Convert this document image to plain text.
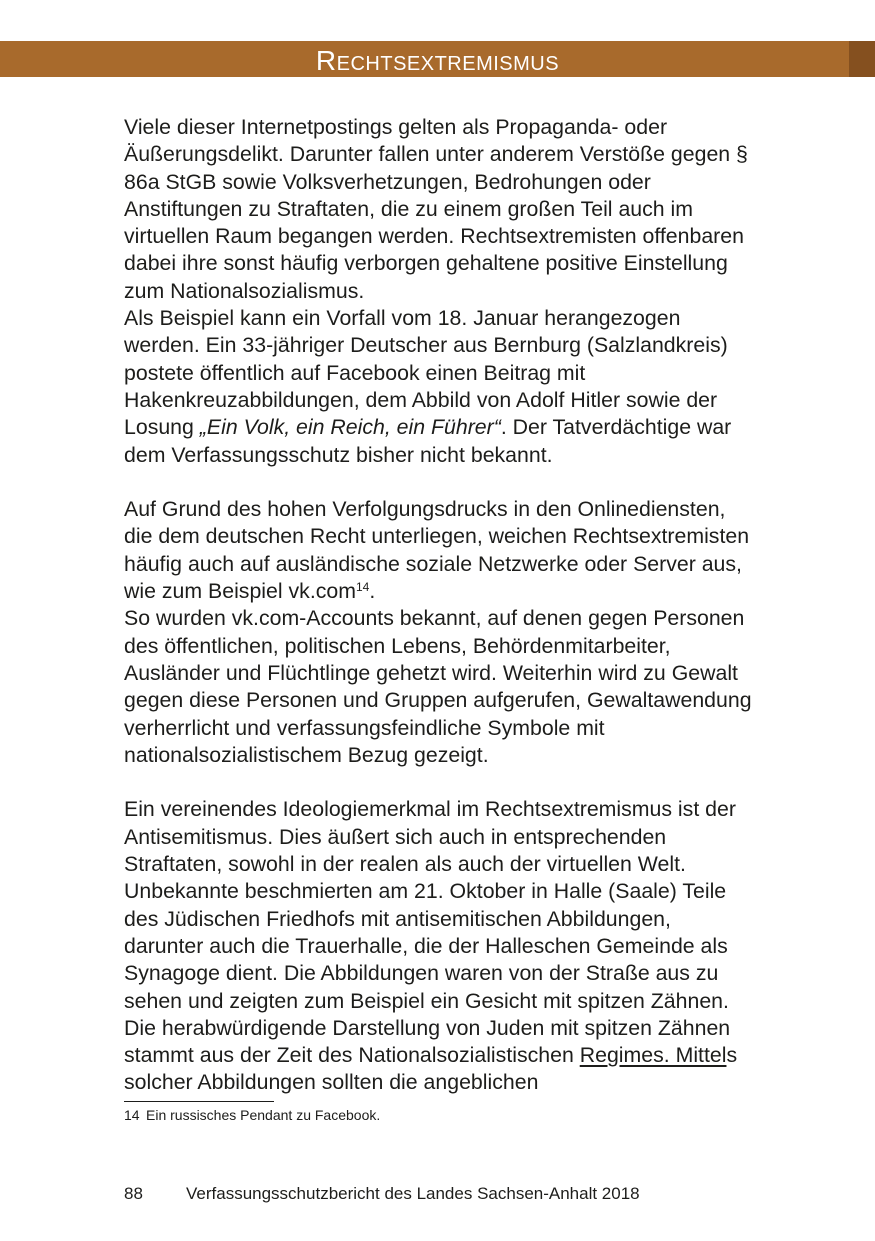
Rechtsextremismus

Viele dieser Internetpostings gelten als Propaganda- oder Äußerungsdelikt. Darunter fallen unter anderem Verstöße gegen § 86a StGB sowie Volksverhetzungen, Bedrohungen oder Anstiftungen zu Straftaten, die zu einem großen Teil auch im virtuellen Raum begangen werden. Rechtsextremisten offenbaren dabei ihre sonst häufig verborgen gehaltene positive Einstellung zum Nationalsozialismus.

Als Beispiel kann ein Vorfall vom 18. Januar herangezogen werden. Ein 33-jähriger Deutscher aus Bernburg (Salzlandkreis) postete öffentlich auf Facebook einen Beitrag mit Hakenkreuzabbildungen, dem Abbild von Adolf Hitler sowie der Losung „Ein Volk, ein Reich, ein Führer“. Der Tatverdächtige war dem Verfassungsschutz bisher nicht bekannt.

Auf Grund des hohen Verfolgungsdrucks in den Onlinediensten, die dem deutschen Recht unterliegen, weichen Rechtsextremisten häufig auch auf ausländische soziale Netzwerke oder Server aus, wie zum Beispiel vk.com$^{14}$.

So wurden vk.com-Accounts bekannt, auf denen gegen Personen des öffentlichen, politischen Lebens, Behördenmitarbeiter, Ausländer und Flüchtlinge gehetzt wird. Weiterhin wird zu Gewalt gegen diese Personen und Gruppen aufgerufen, Gewaltawendung verherrlicht und verfassungsfeindliche Symbole mit nationalsozialistischem Bezug gezeigt.

Ein vereinendes Ideologiemerkmal im Rechtsextremismus ist der Antisemitismus. Dies äußert sich auch in entsprechenden Straftaten, sowohl in der realen als auch der virtuellen Welt. Unbekannte beschmierten am 21. Oktober in Halle (Saale) Teile des Jüdischen Friedhofs mit antisemitischen Abbildungen, darunter auch die Trauerhalle, die der Halleschen Gemeinde als Synagoge dient. Die Abbildungen waren von der Straße aus zu sehen und zeigten zum Beispiel ein Gesicht mit spitzen Zähnen. Die herabwürdigende Darstellung von Juden mit spitzen Zähnen stammt aus der Zeit des Nationalsozialistischen Regimes. Mittels solcher Abbildungen sollten die angeblichen

14 Ein russisches Pendant zu Facebook.
88	Verfassungsschutzbericht des Landes Sachsen-Anhalt 2018
